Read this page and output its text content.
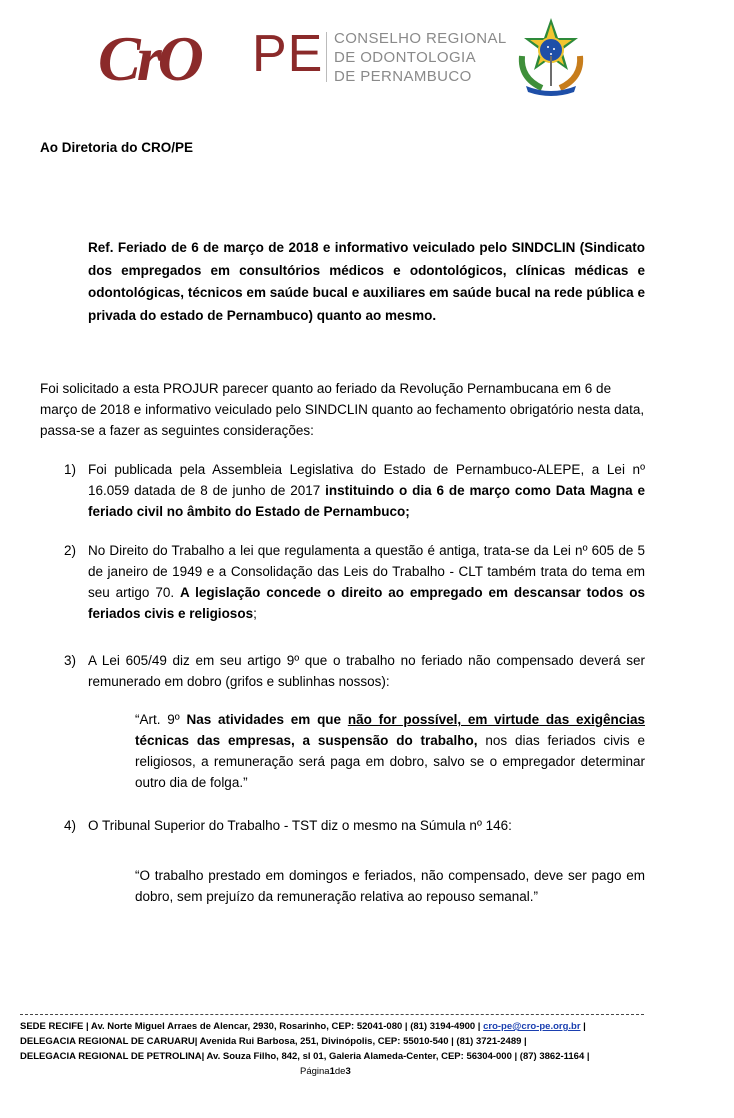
CrO PE CONSELHO REGIONAL
DE ODONTOLOGIA
DE PERNAMBUCO
Ao Diretoria do CRO/PE
Ref. Feriado de 6 de março de 2018 e informativo veiculado pelo SINDCLIN (Sindicato dos empregados em consultórios médicos e odontológicos, clínicas médicas e odontológicas, técnicos em saúde bucal e auxiliares em saúde bucal na rede pública e privada do estado de Pernambuco) quanto ao mesmo.
Foi solicitado a esta PROJUR parecer quanto ao feriado da Revolução Pernambucana em 6 de março de 2018 e informativo veiculado pelo SINDCLIN quanto ao fechamento obrigatório nesta data, passa-se a fazer as seguintes considerações:
1) Foi publicada pela Assembleia Legislativa do Estado de Pernambuco-ALEPE, a Lei nº 16.059 datada de 8 de junho de 2017 instituindo o dia 6 de março como Data Magna e feriado civil no âmbito do Estado de Pernambuco;
2) No Direito do Trabalho a lei que regulamenta a questão é antiga, trata-se da Lei nº 605 de 5 de janeiro de 1949 e a Consolidação das Leis do Trabalho - CLT também trata do tema em seu artigo 70. A legislação concede o direito ao empregado em descansar todos os feriados civis e religiosos;
3) A Lei 605/49 diz em seu artigo 9º que o trabalho no feriado não compensado deverá ser remunerado em dobro (grifos e sublinhas nossos):
“Art. 9º Nas atividades em que não for possível, em virtude das exigências técnicas das empresas, a suspensão do trabalho, nos dias feriados civis e religiosos, a remuneração será paga em dobro, salvo se o empregador determinar outro dia de folga.”
4) O Tribunal Superior do Trabalho - TST diz o mesmo na Súmula nº 146:
“O trabalho prestado em domingos e feriados, não compensado, deve ser pago em dobro, sem prejuízo da remuneração relativa ao repouso semanal.”
SEDE RECIFE | Av. Norte Miguel Arraes de Alencar, 2930, Rosarinho, CEP: 52041-080 | (81) 3194-4900 | cro-pe@cro-pe.org.br |
DELEGACIA REGIONAL DE CARUARU| Avenida Rui Barbosa, 251, Divinópolis, CEP: 55010-540 | (81) 3721-2489 |
DELEGACIA REGIONAL DE PETROLINA| Av. Souza Filho, 842, sl 01, Galeria Alameda-Center, CEP: 56304-000 | (87) 3862-1164 |
Página1de3
